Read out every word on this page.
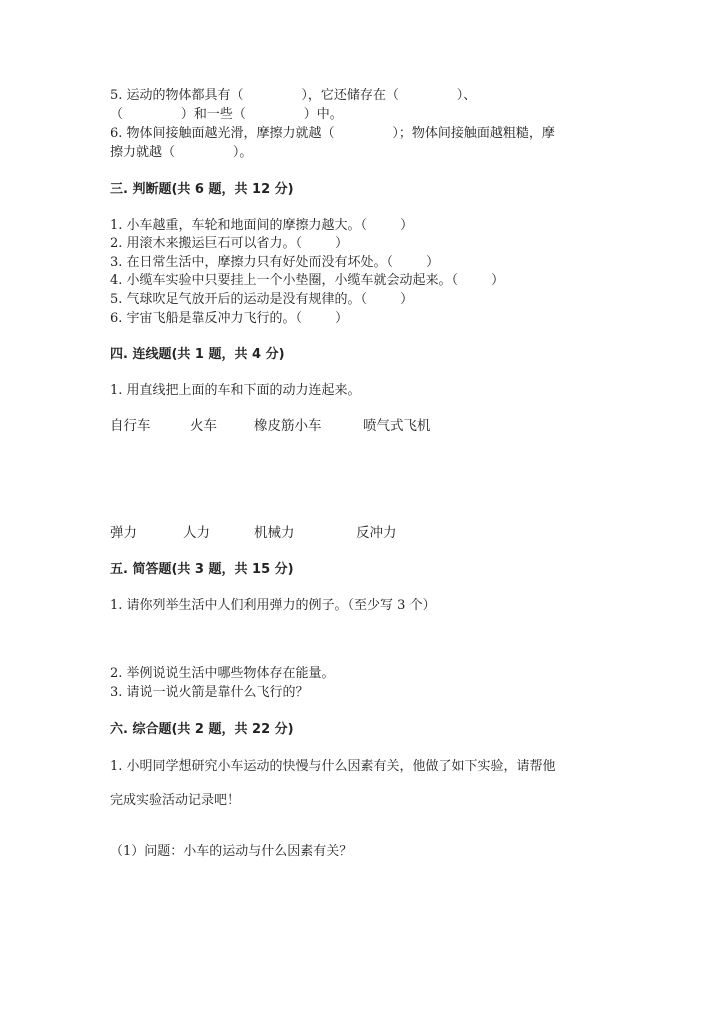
5. 运动的物体都具有（              ），它还储存在（              ）、
（              ）和一些（              ）中。
6. 物体间接触面越光滑，摩擦力就越（              ）；物体间接触面越粗糙，摩
擦力就越（              ）。
三. 判断题(共 6 题，共 12 分)
1. 小车越重，车轮和地面间的摩擦力越大。（        ）
2. 用滚木来搬运巨石可以省力。（        ）
3. 在日常生活中，摩擦力只有好处而没有坏处。（        ）
4. 小缆车实验中只要挂上一个小垫圈，小缆车就会动起来。（        ）
5. 气球吹足气放开后的运动是没有规律的。（        ）
6. 宇宙飞船是靠反冲力飞行的。（        ）
四. 连线题(共 1 题，共 4 分)
1. 用直线把上面的车和下面的动力连起来。
自行车	火车	橡皮筋小车	喷气式飞机
弹力	人力	机械力	反冲力
五. 简答题(共 3 题，共 15 分)
1. 请你列举生活中人们利用弹力的例子。（至少写 3 个）
2. 举例说说生活中哪些物体存在能量。
3. 请说一说火箭是靠什么飞行的？
六. 综合题(共 2 题，共 22 分)
1. 小明同学想研究小车运动的快慢与什么因素有关，他做了如下实验，请帮他
完成实验活动记录吧！
（1）问题：小车的运动与什么因素有关？
